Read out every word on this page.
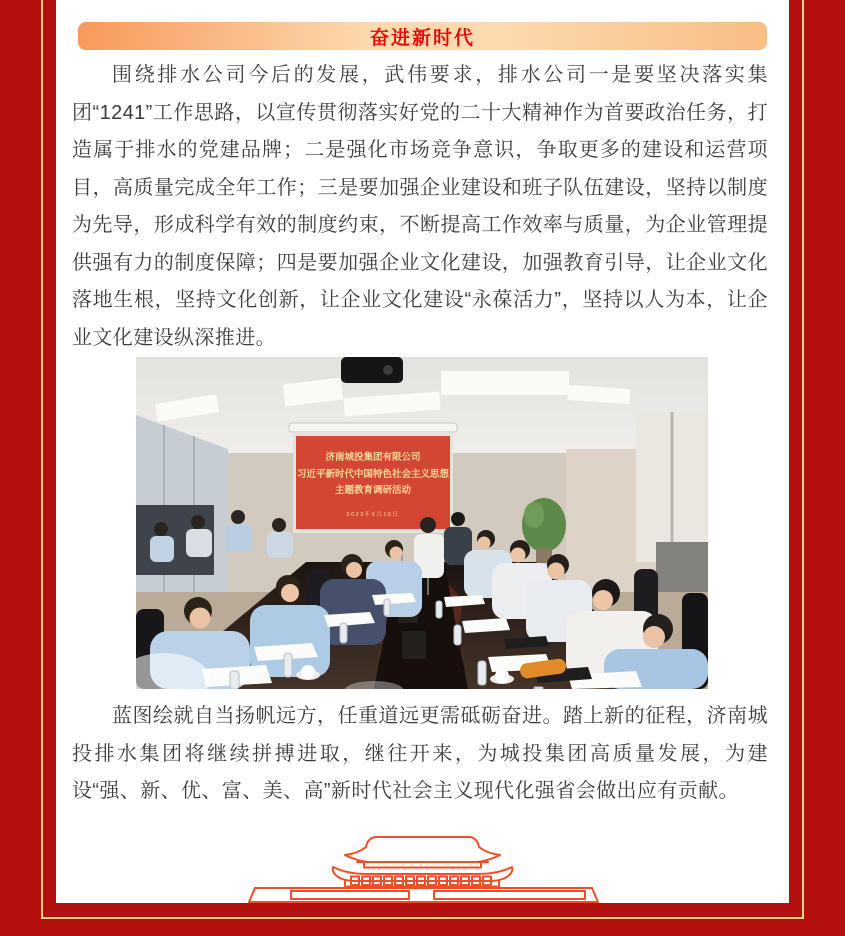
奋进新时代

围绕排水公司今后的发展，武伟要求，排水公司一是要坚决落实集团“1241”工作思路，以宣传贯彻落实好党的二十大精神作为首要政治任务，打造属于排水的党建品牌；二是强化市场竞争意识，争取更多的建设和运营项目，高质量完成全年工作；三是要加强企业建设和班子队伍建设，坚持以制度为先导，形成科学有效的制度约束，不断提高工作效率与质量，为企业管理提供强有力的制度保障；四是要加强企业文化建设，加强教育引导，让企业文化落地生根，坚持文化创新，让企业文化建设“永葆活力”，坚持以人为本，让企业文化建设纵深推进。

济南城投集团有限公司
习近平新时代中国特色社会主义思想
主题教育调研活动
2023年5月15日

蓝图绘就自当扬帆远方，任重道远更需砥砺奋进。踏上新的征程，济南城投排水集团将继续拼搏进取，继往开来，为城投集团高质量发展，为建设“强、新、优、富、美、高”新时代社会主义现代化强省会做出应有贡献。
